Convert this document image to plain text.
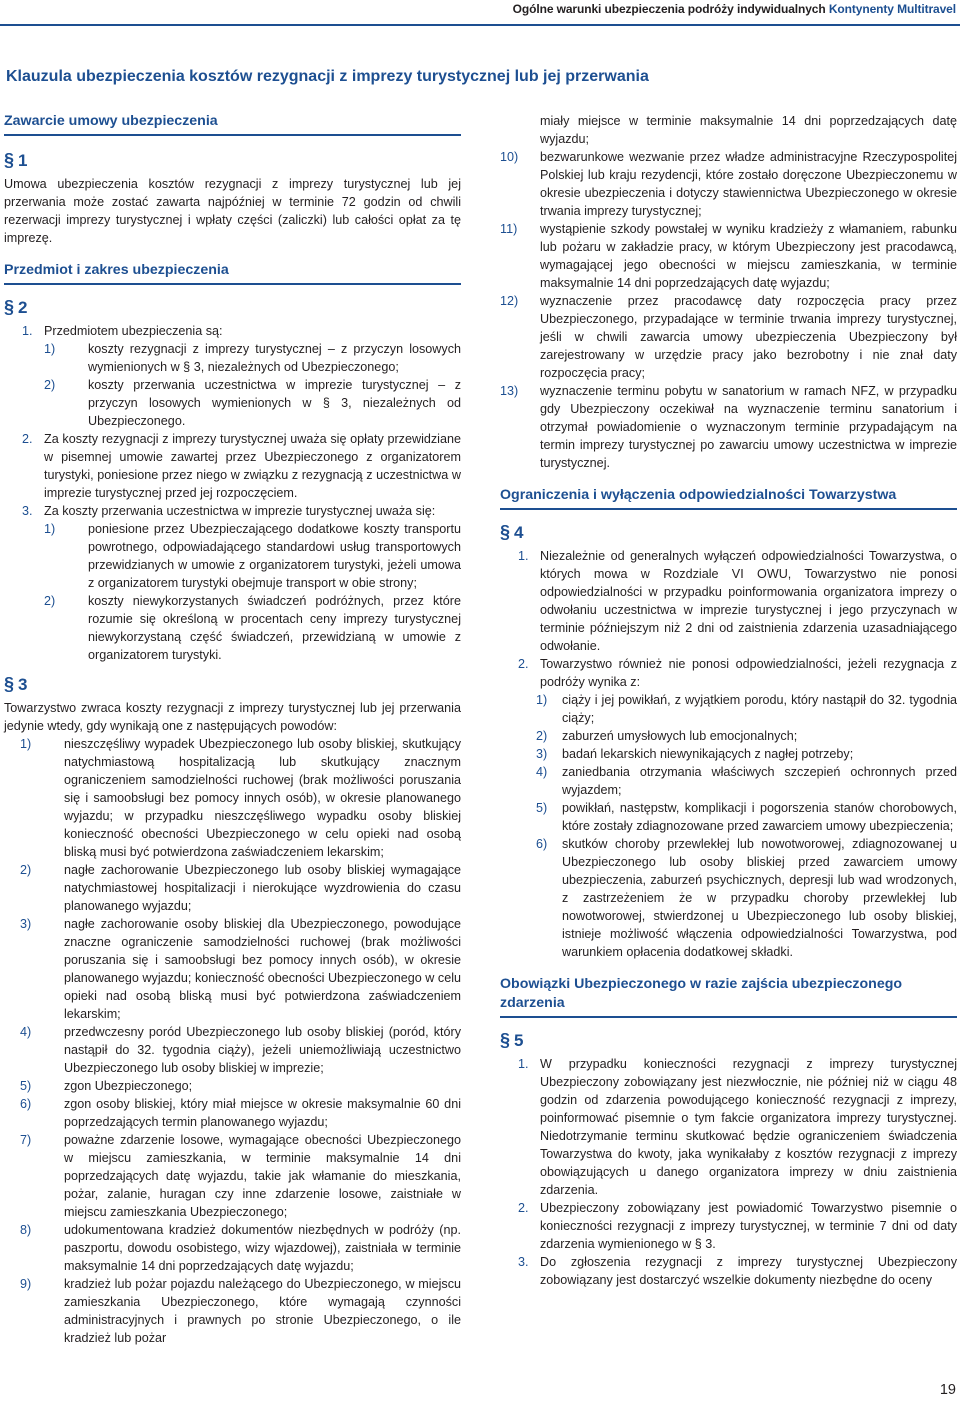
Ogólne warunki ubezpieczenia podróży indywidualnych Kontynenty Multitravel
Klauzula ubezpieczenia kosztów rezygnacji z imprezy turystycznej lub jej przerwania
Zawarcie umowy ubezpieczenia
§ 1

Umowa ubezpieczenia kosztów rezygnacji z imprezy turystycznej lub jej przerwania może zostać zawarta najpóźniej w terminie 72 godzin od chwili rezerwacji imprezy turystycznej i wpłaty części (zaliczki) lub całości opłat za tę imprezę.

Przedmiot i zakres ubezpieczenia
§ 2
1. Przedmiotem ubezpieczenia są:
1)	koszty rezygnacji z imprezy turystycznej – z przyczyn losowych wymienionych w § 3, niezależnych od Ubezpieczonego;
2)	koszty przerwania uczestnictwa w imprezie turystycznej – z przyczyn losowych wymienionych w § 3, niezależnych od Ubezpieczonego.
2. Za koszty rezygnacji z imprezy turystycznej uważa się opłaty przewidziane w pisemnej umowie zawartej przez Ubezpieczonego z organizatorem turystyki, poniesione przez niego w związku z rezygnacją z uczestnictwa w imprezie turystycznej przed jej rozpoczęciem.
3. Za koszty przerwania uczestnictwa w imprezie turystycznej uważa się:
1)	poniesione przez Ubezpieczającego dodatkowe koszty transportu powrotnego, odpowiadającego standardowi usług transportowych przewidzianych w umowie z organizatorem turystyki, jeżeli umowa z organizatorem turystyki obejmuje transport w obie strony;
2)	koszty niewykorzystanych świadczeń podróżnych, przez które rozumie się określoną w procentach ceny imprezy turystycznej niewykorzystaną część świadczeń, przewidzianą w umowie z organizatorem turystyki.
§ 3

Towarzystwo zwraca koszty rezygnacji z imprezy turystycznej lub jej przerwania jedynie wtedy, gdy wynikają one z następujących powodów:

1)	nieszczęśliwy wypadek Ubezpieczonego lub osoby bliskiej, skutkujący natychmiastową hospitalizacją lub skutkujący znacznym ograniczeniem samodzielności ruchowej (brak możliwości poruszania się i samoobsługi bez pomocy innych osób), w okresie planowanego wyjazdu; w przypadku nieszczęśliwego wypadku osoby bliskiej konieczność obecności Ubezpieczonego w celu opieki nad osobą bliską musi być potwierdzona zaświadczeniem lekarskim;
2)	nagłe zachorowanie Ubezpieczonego lub osoby bliskiej wymagające natychmiastowej hospitalizacji i nierokujące wyzdrowienia do czasu planowanego wyjazdu;
3)	nagłe zachorowanie osoby bliskiej dla Ubezpieczonego, powodujące znaczne ograniczenie samodzielności ruchowej (brak możliwości poruszania się i samoobsługi bez pomocy innych osób), w okresie planowanego wyjazdu; konieczność obecności Ubezpieczonego w celu opieki nad osobą bliską musi być potwierdzona zaświadczeniem lekarskim;
4)	przedwczesny poród Ubezpieczonego lub osoby bliskiej (poród, który nastąpił do 32. tygodnia ciąży), jeżeli uniemożliwiają uczestnictwo Ubezpieczonego lub osoby bliskiej w imprezie;
5)	zgon Ubezpieczonego;
6)	zgon osoby bliskiej, który miał miejsce w okresie maksymalnie 60 dni poprzedzających termin planowanego wyjazdu;
7)	poważne zdarzenie losowe, wymagające obecności Ubezpieczonego w miejscu zamieszkania, w terminie maksymalnie 14 dni poprzedzających datę wyjazdu, takie jak włamanie do mieszkania, pożar, zalanie, huragan czy inne zdarzenie losowe, zaistniałe w miejscu zamieszkania Ubezpieczonego;
8)	udokumentowana kradzież dokumentów niezbędnych w podróży (np. paszportu, dowodu osobistego, wizy wjazdowej), zaistniała w terminie maksymalnie 14 dni poprzedzających datę wyjazdu;
9)	kradzież lub pożar pojazdu należącego do Ubezpieczonego, w miejscu zamieszkania Ubezpieczonego, które wymagają czynności administracyjnych i prawnych po stronie Ubezpieczonego, o ile kradzież lub pożar
miały miejsce w terminie maksymalnie 14 dni poprzedzających datę wyjazdu;
10)	bezwarunkowe wezwanie przez władze administracyjne Rzeczypospolitej Polskiej lub kraju rezydencji, które zostało doręczone Ubezpieczonemu w okresie ubezpieczenia i dotyczy stawiennictwa Ubezpieczonego w okresie trwania imprezy turystycznej;
11)	wystąpienie szkody powstałej w wyniku kradzieży z włamaniem, rabunku lub pożaru w zakładzie pracy, w którym Ubezpieczony jest pracodawcą, wymagającej jego obecności w miejscu zamieszkania, w terminie maksymalnie 14 dni poprzedzających datę wyjazdu;
12)	wyznaczenie przez pracodawcę daty rozpoczęcia pracy przez Ubezpieczonego, przypadające w terminie trwania imprezy turystycznej, jeśli w chwili zawarcia umowy ubezpieczenia Ubezpieczony był zarejestrowany w urzędzie pracy jako bezrobotny i nie znał daty rozpoczęcia pracy;
13)	wyznaczenie terminu pobytu w sanatorium w ramach NFZ, w przypadku gdy Ubezpieczony oczekiwał na wyznaczenie terminu sanatorium i otrzymał powiadomienie o wyznaczonym terminie przypadającym na termin imprezy turystycznej po zawarciu umowy uczestnictwa w imprezie turystycznej.
Ograniczenia i wyłączenia odpowiedzialności Towarzystwa
§ 4
1. Niezależnie od generalnych wyłączeń odpowiedzialności Towarzystwa, o których mowa w Rozdziale VI OWU, Towarzystwo nie ponosi odpowiedzialności w przypadku poinformowania organizatora imprezy o odwołaniu uczestnictwa w imprezie turystycznej i jego przyczynach w terminie późniejszym niż 2 dni od zaistnienia zdarzenia uzasadniającego odwołanie.
2. Towarzystwo również nie ponosi odpowiedzialności, jeżeli rezygnacja z podróży wynika z:
1)	ciąży i jej powikłań, z wyjątkiem porodu, który nastąpił do 32. tygodnia ciąży;
2)	zaburzeń umysłowych lub emocjonalnych;
3)	badań lekarskich niewynikających z nagłej potrzeby;
4)	zaniedbania otrzymania właściwych szczepień ochronnych przed wyjazdem;
5)	powikłań, następstw, komplikacji i pogorszenia stanów chorobowych, które zostały zdiagnozowane przed zawarciem umowy ubezpieczenia;
6)	skutków choroby przewlekłej lub nowotworowej, zdiagnozowanej u Ubezpieczonego lub osoby bliskiej przed zawarciem umowy ubezpieczenia, zaburzeń psychicznych, depresji lub wad wrodzonych, z zastrzeżeniem że w przypadku choroby przewlekłej lub nowotworowej, stwierdzonej u Ubezpieczonego lub osoby bliskiej, istnieje możliwość włączenia odpowiedzialności Towarzystwa, pod warunkiem opłacenia dodatkowej składki.
Obowiązki Ubezpieczonego w razie zajścia ubezpieczonego zdarzenia
§ 5
1. W przypadku konieczności rezygnacji z imprezy turystycznej Ubezpieczony zobowiązany jest niezwłocznie, nie później niż w ciągu 48 godzin od zdarzenia powodującego konieczność rezygnacji z imprezy, poinformować pisemnie o tym fakcie organizatora imprezy turystycznej. Niedotrzymanie terminu skutkować będzie ograniczeniem świadczenia Towarzystwa do kwoty, jaka wynikałaby z kosztów rezygnacji z imprezy obowiązujących u danego organizatora imprezy w dniu zaistnienia zdarzenia.
2. Ubezpieczony zobowiązany jest powiadomić Towarzystwo pisemnie o konieczności rezygnacji z imprezy turystycznej, w terminie 7 dni od daty zdarzenia wymienionego w § 3.
3. Do zgłoszenia rezygnacji z imprezy turystycznej Ubezpieczony zobowiązany jest dostarczyć wszelkie dokumenty niezbędne do oceny
19
